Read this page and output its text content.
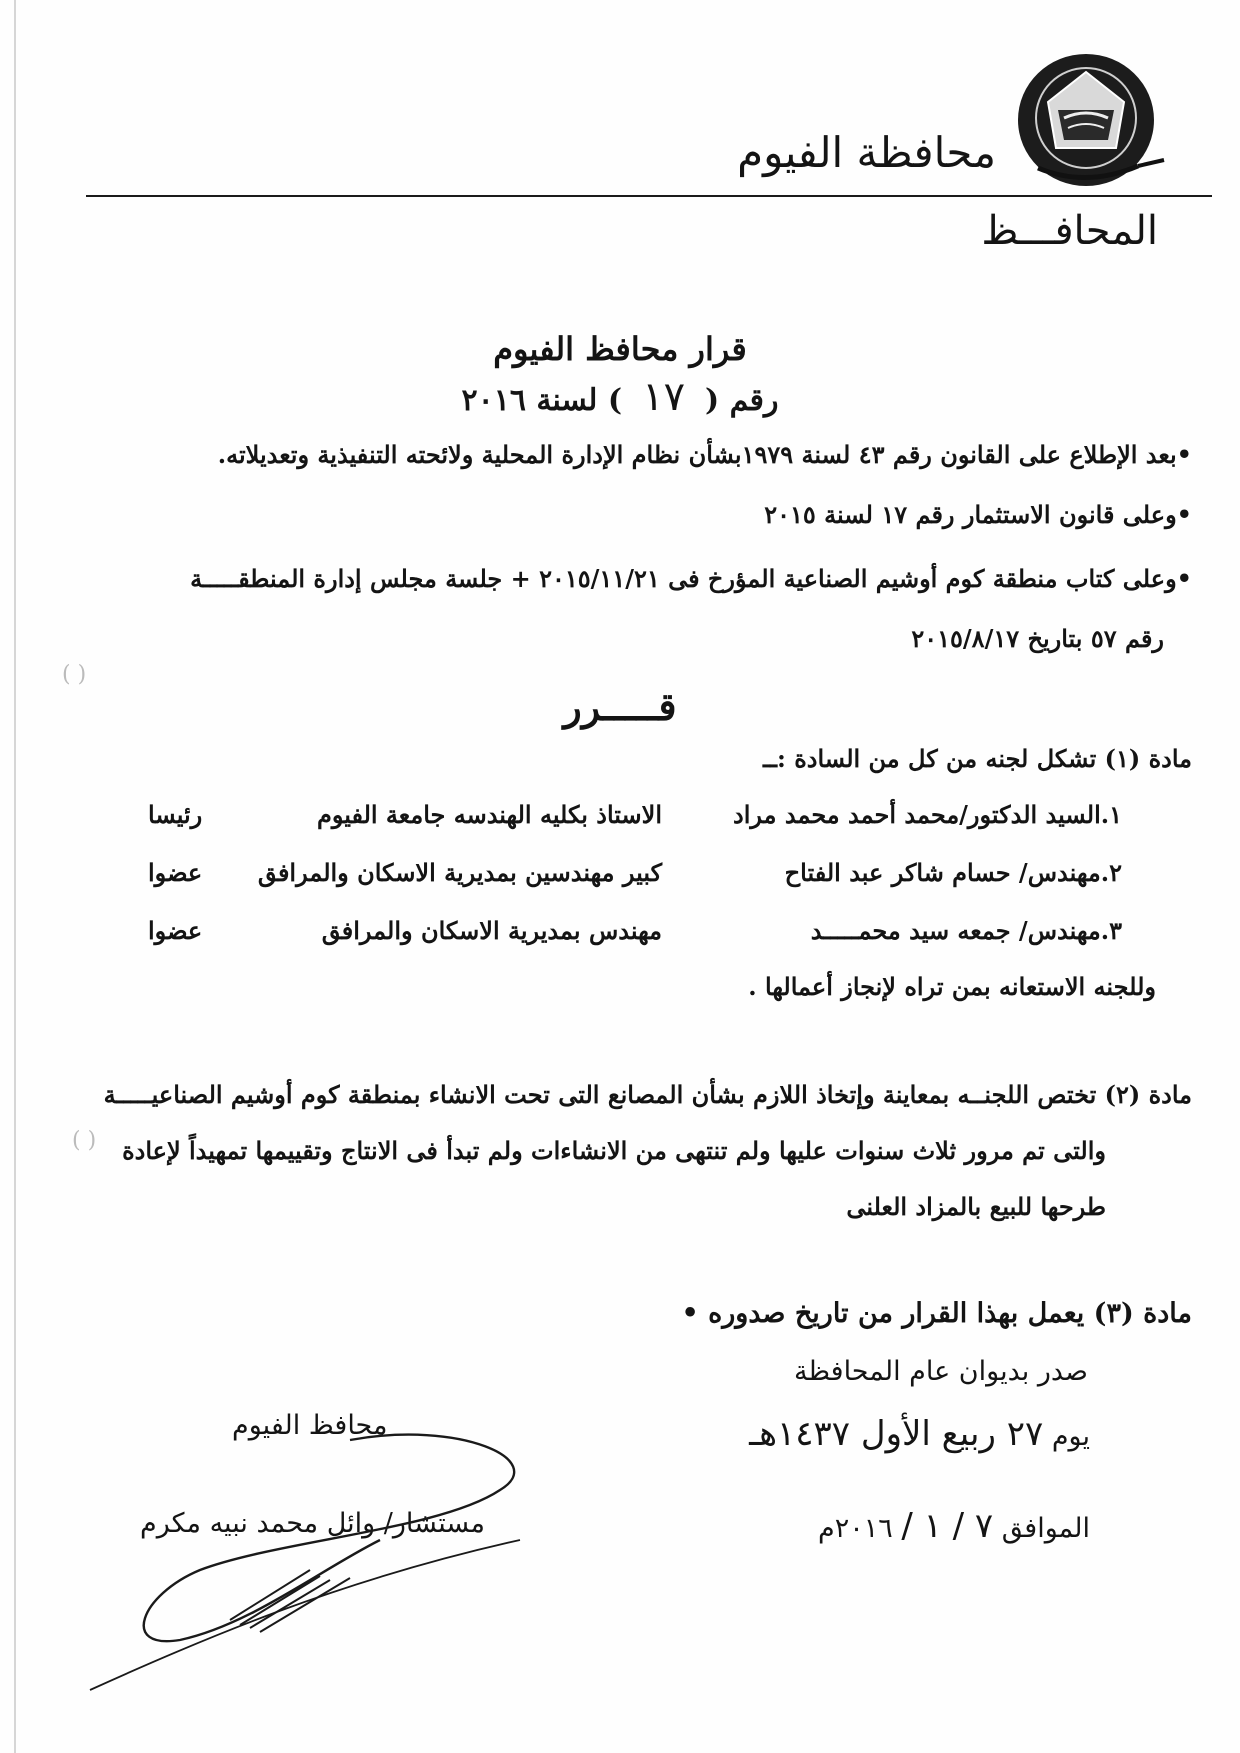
محافظة الفيوم
المحافـــظ
قرار محافظ الفيوم
رقم (١٧) لسنة ٢٠١٦
•بعد الإطلاع على القانون رقم ٤٣ لسنة ١٩٧٩بشأن نظام الإدارة المحلية ولائحته التنفيذية وتعديلاته.
•وعلى قانون الاستثمار رقم ١٧ لسنة ٢٠١٥
•وعلى كتاب منطقة كوم أوشيم الصناعية المؤرخ فى ٢٠١٥/١١/٢١ + جلسة مجلس إدارة المنطقـــــة
رقم ٥٧ بتاريخ ٢٠١٥/٨/١٧
قـــــرر
مادة (١) تشكل لجنه من كل من السادة :ــ
١.السيد الدكتور/محمد أحمد محمد مراد
الاستاذ بكليه الهندسه جامعة الفيوم
رئيسا
٢.مهندس/ حسام شاكر عبد الفتاح
كبير مهندسين بمديرية الاسكان والمرافق
عضوا
٣.مهندس/ جمعه سيد محمـــــد
مهندس بمديرية الاسكان والمرافق
عضوا
وللجنه الاستعانه بمن تراه لإنجاز أعمالها .
مادة (٢) تختص اللجنــه بمعاينة وإتخاذ اللازم بشأن المصانع التى تحت الانشاء بمنطقة كوم أوشيم الصناعيـــــة
والتى تم مرور ثلاث سنوات عليها ولم تنتهى من الانشاءات ولم تبدأ فى الانتاج وتقييمها تمهيداً لإعادة
طرحها للبيع بالمزاد العلنى
مادة (٣) يعمل بهذا القرار من تاريخ صدوره •
صدر بديوان عام المحافظة
يوم ٢٧ ربيع الأول ١٤٣٧هـ
الموافق ٧ / ١ / ٢٠١٦م
محافظ الفيوم
مستشار/ وائل محمد نبيه مكرم
( )
( )
